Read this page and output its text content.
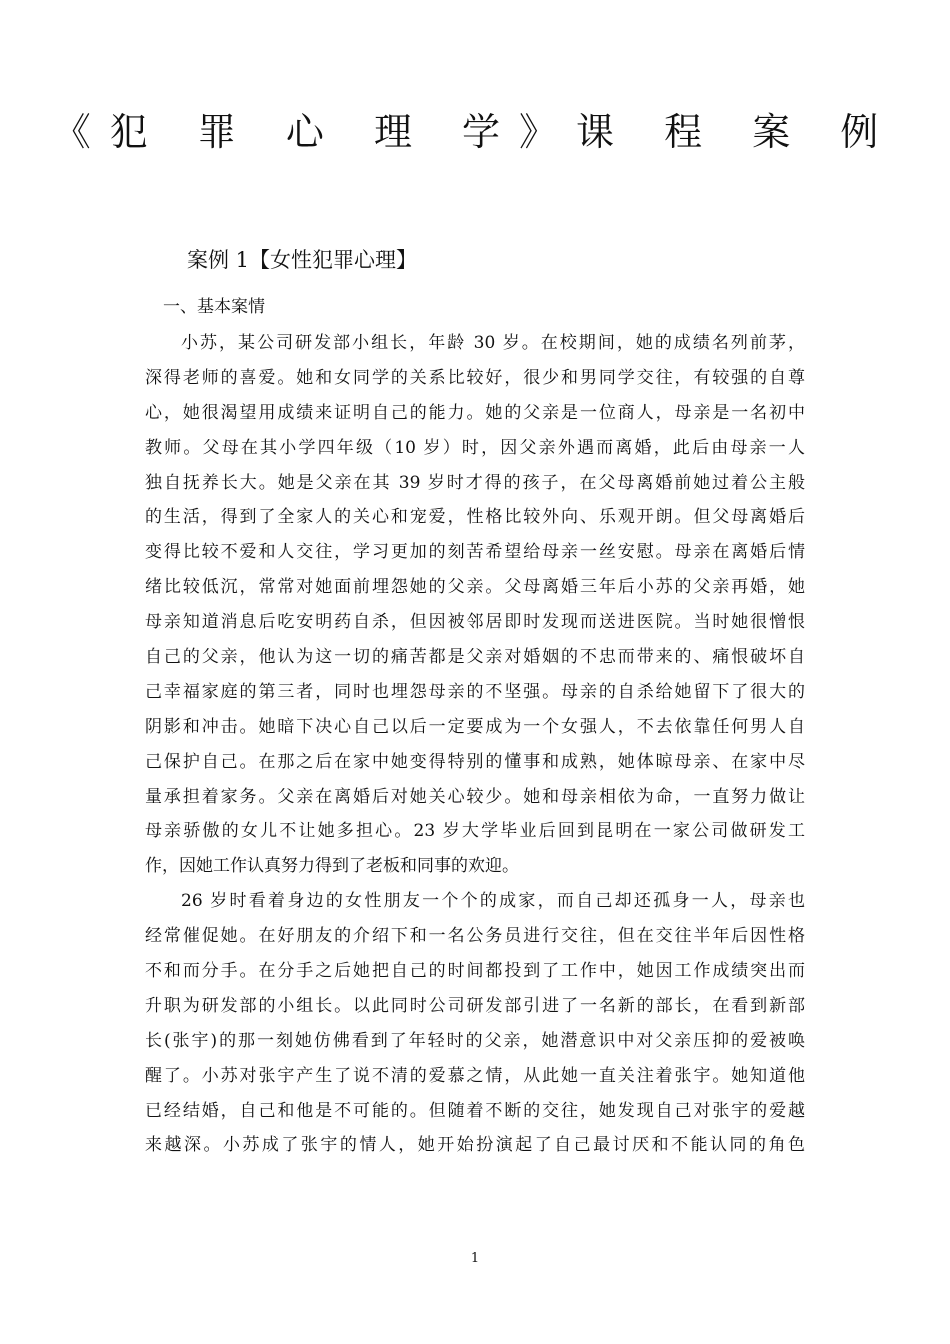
《犯 罪 心 理 学》课 程 案 例
案例 1【女性犯罪心理】
一、基本案情

小苏，某公司研发部小组长，年龄 30 岁。在校期间，她的成绩名列前茅，
深得老师的喜爱。她和女同学的关系比较好，很少和男同学交往，有较强的自尊
心，她很渴望用成绩来证明自己的能力。她的父亲是一位商人，母亲是一名初中
教师。父母在其小学四年级（10 岁）时，因父亲外遇而离婚，此后由母亲一人
独自抚养长大。她是父亲在其 39 岁时才得的孩子，在父母离婚前她过着公主般
的生活，得到了全家人的关心和宠爱，性格比较外向、乐观开朗。但父母离婚后
变得比较不爱和人交往，学习更加的刻苦希望给母亲一丝安慰。母亲在离婚后情
绪比较低沉，常常对她面前埋怨她的父亲。父母离婚三年后小苏的父亲再婚，她
母亲知道消息后吃安明药自杀，但因被邻居即时发现而送进医院。当时她很憎恨
自己的父亲，他认为这一切的痛苦都是父亲对婚姻的不忠而带来的、痛恨破坏自
己幸福家庭的第三者，同时也埋怨母亲的不坚强。母亲的自杀给她留下了很大的
阴影和冲击。她暗下决心自己以后一定要成为一个女强人，不去依靠任何男人自
己保护自己。在那之后在家中她变得特别的懂事和成熟，她体晾母亲、在家中尽
量承担着家务。父亲在离婚后对她关心较少。她和母亲相依为命，一直努力做让
母亲骄傲的女儿不让她多担心。23 岁大学毕业后回到昆明在一家公司做研发工
作，因她工作认真努力得到了老板和同事的欢迎。

26 岁时看着身边的女性朋友一个个的成家，而自己却还孤身一人，母亲也
经常催促她。在好朋友的介绍下和一名公务员进行交往，但在交往半年后因性格
不和而分手。在分手之后她把自己的时间都投到了工作中，她因工作成绩突出而
升职为研发部的小组长。以此同时公司研发部引进了一名新的部长，在看到新部
长(张宇)的那一刻她仿佛看到了年轻时的父亲，她潜意识中对父亲压抑的爱被唤
醒了。小苏对张宇产生了说不清的爱慕之情，从此她一直关注着张宇。她知道他
已经结婚，自己和他是不可能的。但随着不断的交往，她发现自己对张宇的爱越
来越深。小苏成了张宇的情人，她开始扮演起了自己最讨厌和不能认同的角色

1
